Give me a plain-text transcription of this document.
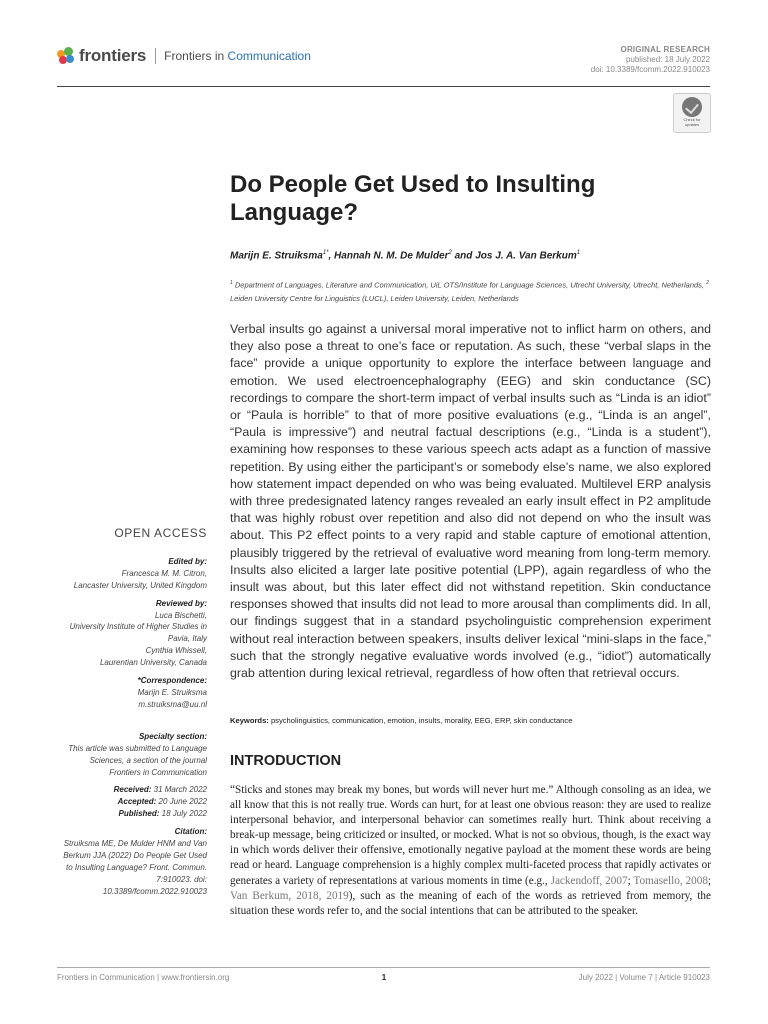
frontiers Frontiers in Communication	ORIGINAL RESEARCH
published: 18 July 2022
doi: 10.3389/fcomm.2022.910023
Check for
updates
Do People Get Used to Insulting Language?
Marijn E. Struiksma$^{1*}$, Hannah N. M. De Mulder$^2$ and Jos J. A. Van Berkum$^1$
$^1$ Department of Languages, Literature and Communication, UiL OTS/Institute for Language Sciences, Utrecht University, Utrecht, Netherlands, $^2$ Leiden University Centre for Linguistics (LUCL), Leiden University, Leiden, Netherlands

Verbal insults go against a universal moral imperative not to inflict harm on others, and they also pose a threat to one’s face or reputation. As such, these “verbal slaps in the face” provide a unique opportunity to explore the interface between language and emotion. We used electroencephalography (EEG) and skin conductance (SC) recordings to compare the short-term impact of verbal insults such as “Linda is an idiot” or “Paula is horrible” to that of more positive evaluations (e.g., “Linda is an angel”, “Paula is impressive”) and neutral factual descriptions (e.g., “Linda is a student”), examining how responses to these various speech acts adapt as a function of massive repetition. By using either the participant’s or somebody else’s name, we also explored how statement impact depended on who was being evaluated. Multilevel ERP analysis with three predesignated latency ranges revealed an early insult effect in P2 amplitude that was highly robust over repetition and also did not depend on who the insult was about. This P2 effect points to a very rapid and stable capture of emotional attention, plausibly triggered by the retrieval of evaluative word meaning from long-term memory. Insults also elicited a larger late positive potential (LPP), again regardless of who the insult was about, but this later effect did not withstand repetition. Skin conductance responses showed that insults did not lead to more arousal than compliments did. In all, our findings suggest that in a standard psycholinguistic comprehension experiment without real interaction between speakers, insults deliver lexical “mini-slaps in the face,” such that the strongly negative evaluative words involved (e.g., “idiot”) automatically grab attention during lexical retrieval, regardless of how often that retrieval occurs.

Keywords: psycholinguistics, communication, emotion, insults, morality, EEG, ERP, skin conductance
INTRODUCTION

“Sticks and stones may break my bones, but words will never hurt me.” Although consoling as an idea, we all know that this is not really true. Words can hurt, for at least one obvious reason: they are used to realize interpersonal behavior, and interpersonal behavior can sometimes really hurt. Think about receiving a break-up message, being criticized or insulted, or mocked. What is not so obvious, though, is the exact way in which words deliver their offensive, emotionally negative payload at the moment these words are being read or heard. Language comprehension is a highly complex multi-faceted process that rapidly activates or generates a variety of representations at various moments in time (e.g., Jackendoff, 2007; Tomasello, 2008; Van Berkum, 2018, 2019), such as the meaning of each of the words as retrieved from memory, the situation these words refer to, and the social intentions that can be attributed to the speaker.

OPEN ACCESS
Edited by:
Francesca M. M. Citron,
Lancaster University, United Kingdom
Reviewed by:
Luca Bischetti,
University Institute of Higher Studies in Pavia, Italy
Cynthia Whissell,
Laurentian University, Canada
*Correspondence:
Marijn E. Struiksma
m.struiksma@uu.nl
Specialty section:
This article was submitted to Language Sciences, a section of the journal Frontiers in Communication
Received: 31 March 2022
Accepted: 20 June 2022
Published: 18 July 2022
Citation:
Struiksma ME, De Mulder HNM and Van Berkum JJA (2022) Do People Get Used to Insulting Language? Front. Commun. 7:910023. doi: 10.3389/fcomm.2022.910023
Frontiers in Communication | www.frontiersin.org	1	July 2022 | Volume 7 | Article 910023
